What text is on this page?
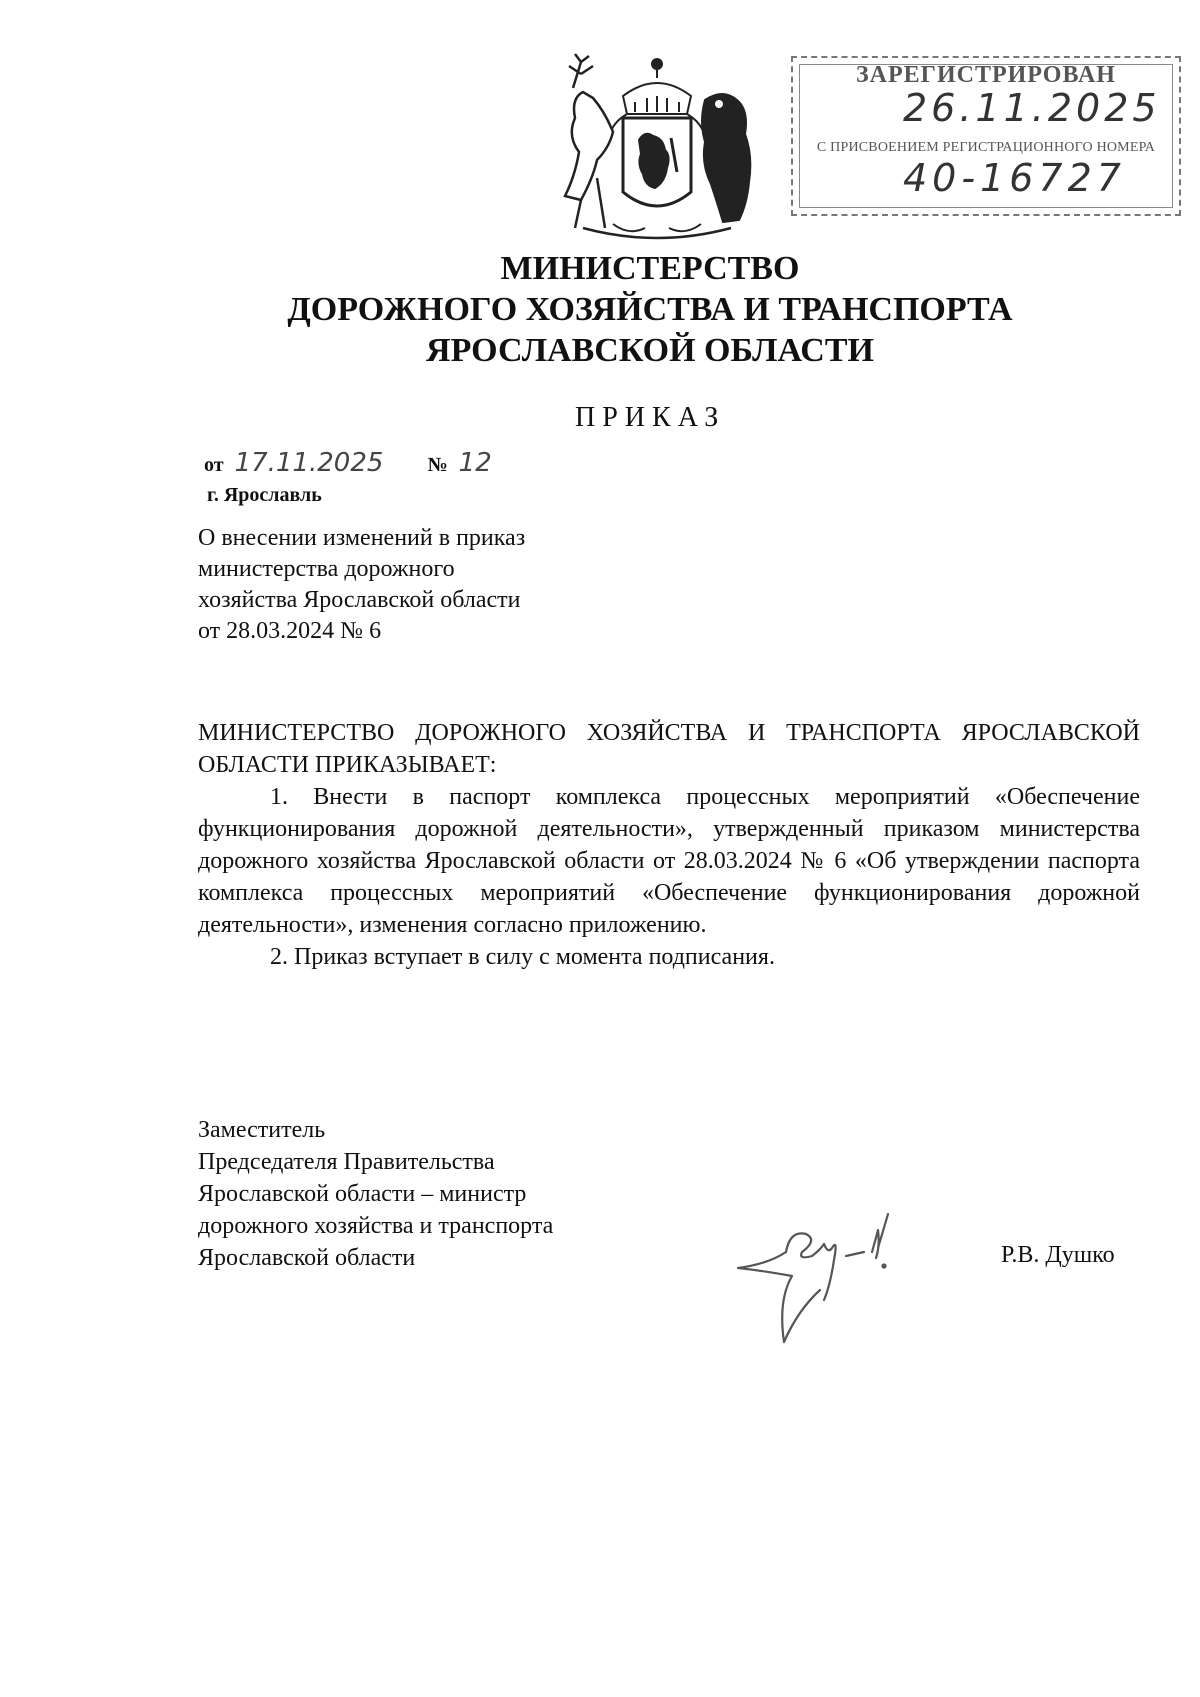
ЗАРЕГИСТРИРОВАН
26.11.2025
С ПРИСВОЕНИЕМ РЕГИСТРАЦИОННОГО НОМЕРА
40-16727
МИНИСТЕРСТВО
ДОРОЖНОГО ХОЗЯЙСТВА И ТРАНСПОРТА
ЯРОСЛАВСКОЙ ОБЛАСТИ
ПРИКАЗ
от 17.11.2025 № 12
г. Ярославль
О внесении изменений в приказ
министерства дорожного
хозяйства Ярославской области
от 28.03.2024 № 6

МИНИСТЕРСТВО ДОРОЖНОГО ХОЗЯЙСТВА И ТРАНСПОРТА ЯРОСЛАВСКОЙ ОБЛАСТИ ПРИКАЗЫВАЕТ:

1. Внести в паспорт комплекса процессных мероприятий «Обеспечение функционирования дорожной деятельности», утвержденный приказом министерства дорожного хозяйства Ярославской области от 28.03.2024 № 6 «Об утверждении паспорта комплекса процессных мероприятий «Обеспечение функционирования дорожной деятельности», изменения согласно приложению.

2. Приказ вступает в силу с момента подписания.

Заместитель
Председателя Правительства
Ярославской области – министр
дорожного хозяйства и транспорта
Ярославской области	Р.В. Душко
